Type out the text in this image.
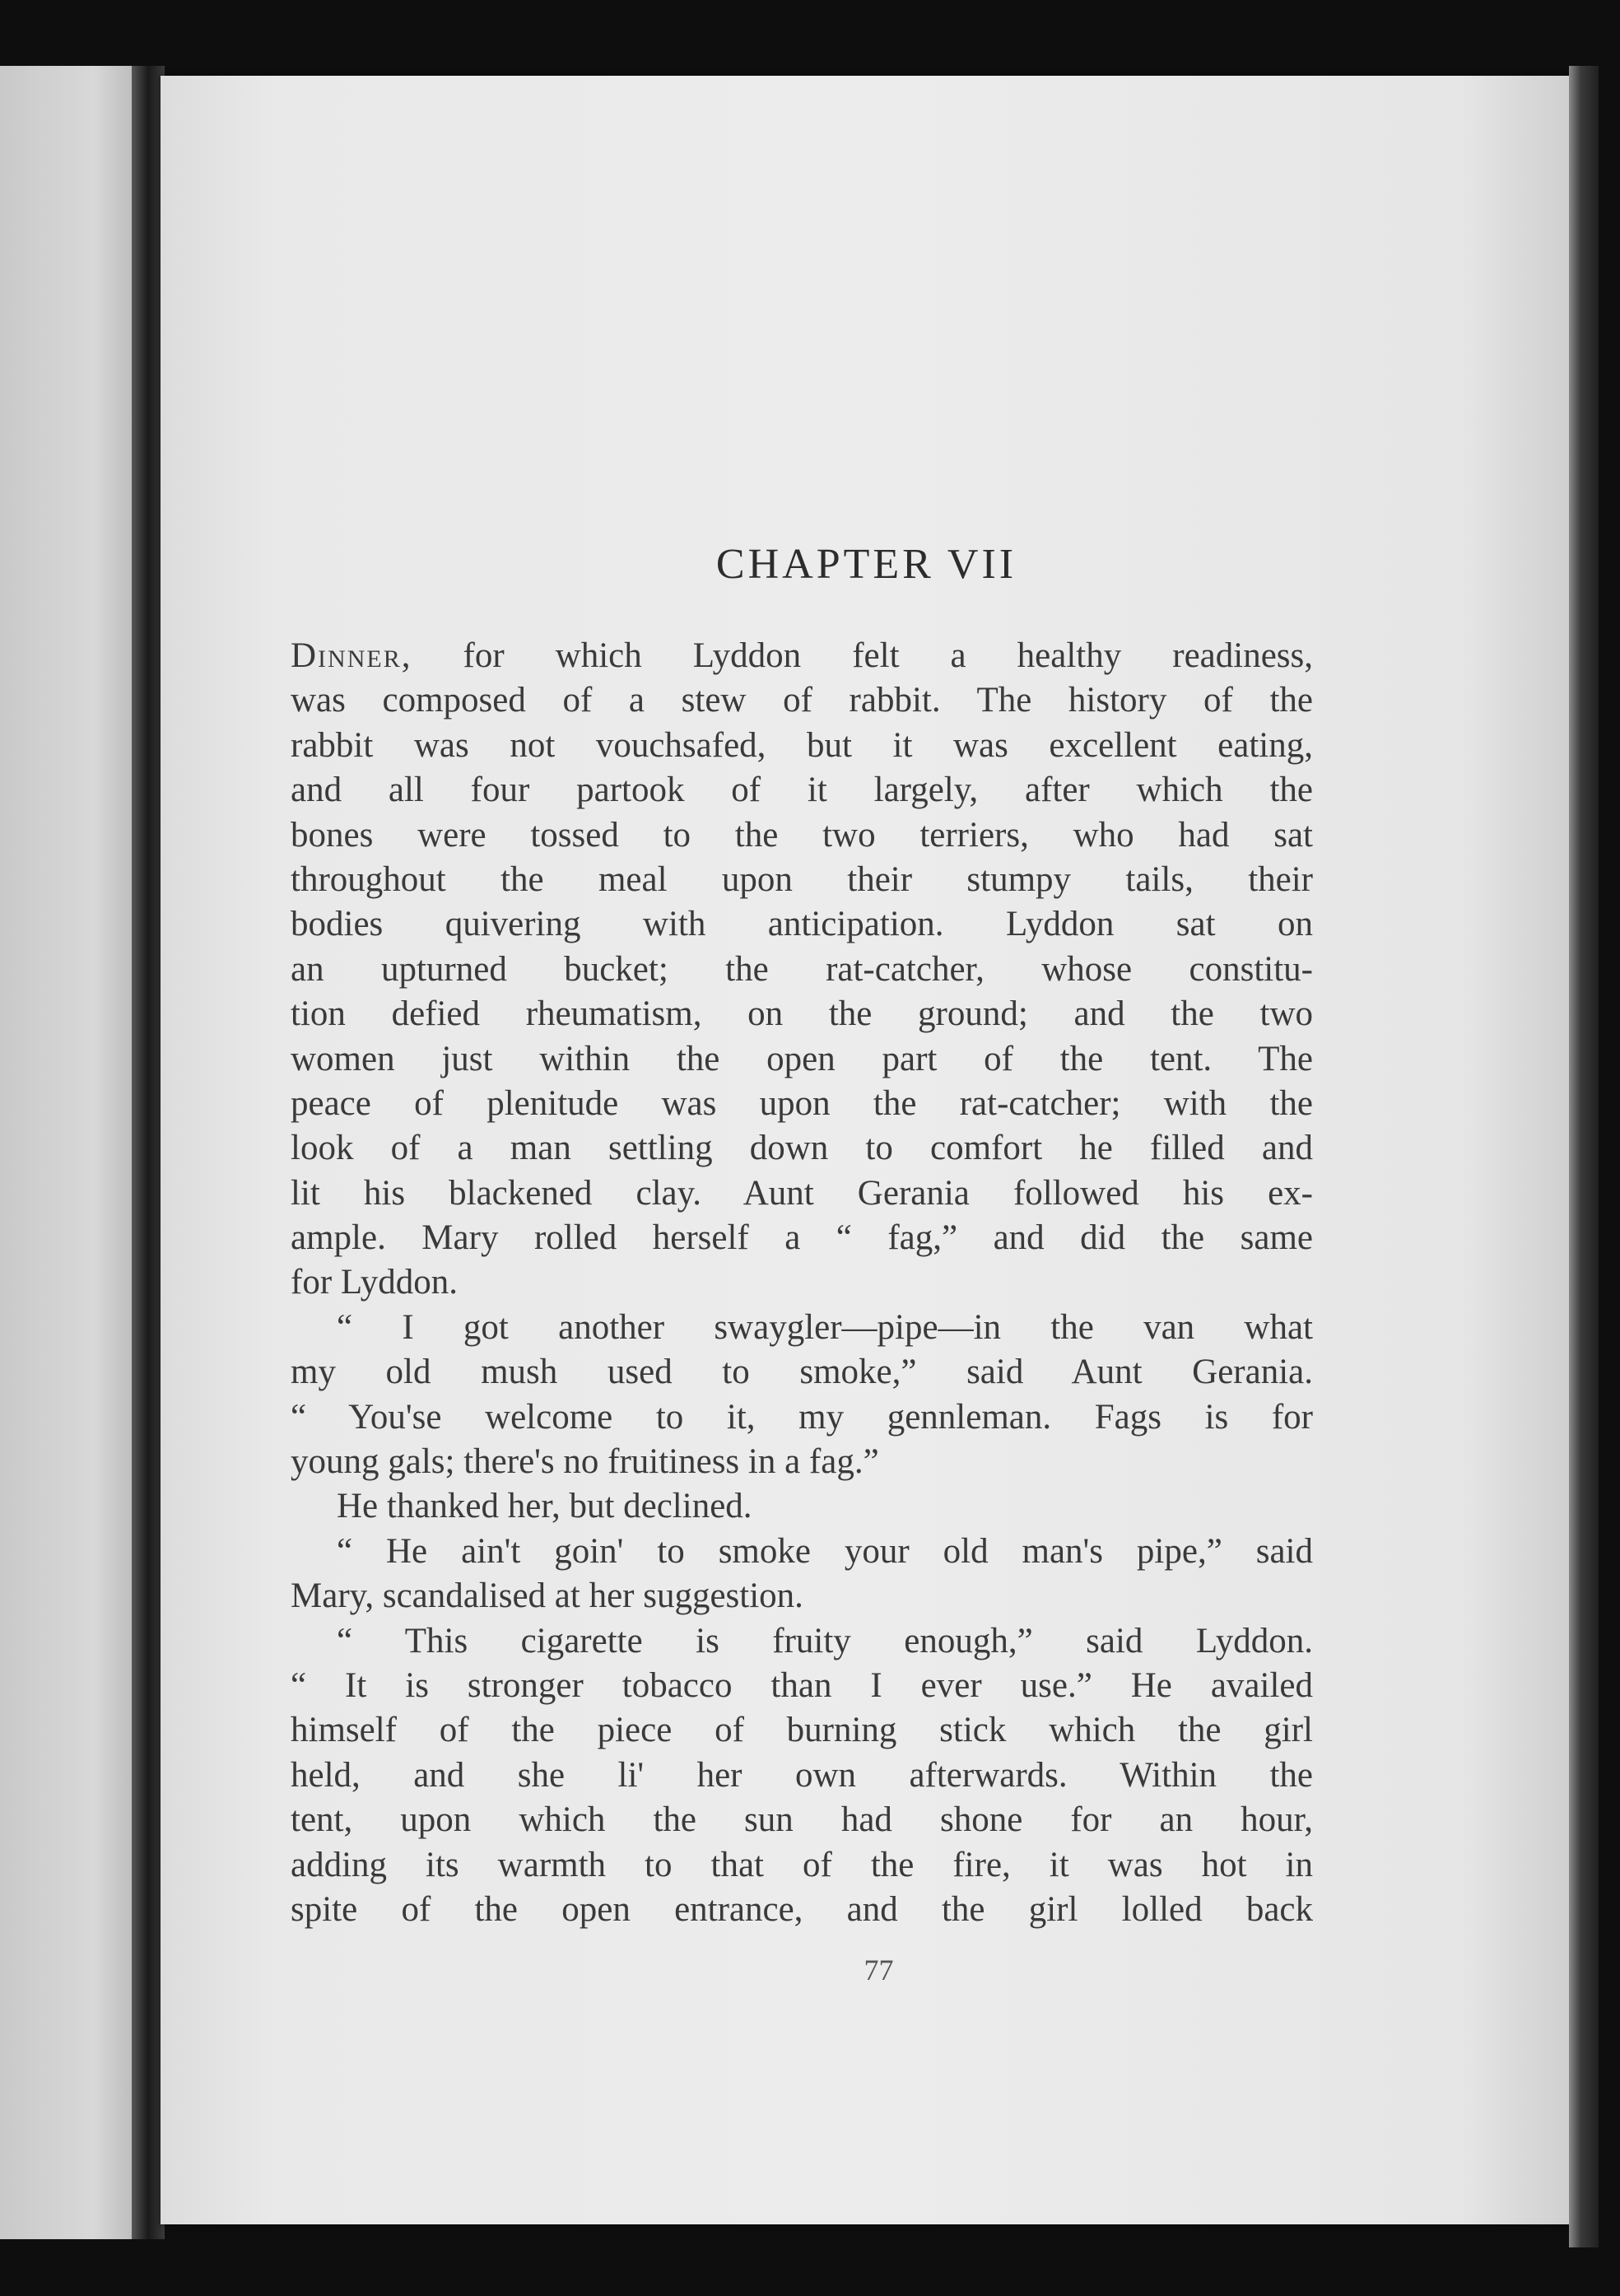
CHAPTER VII
Dinner, for which Lyddon felt a healthy readiness,
was composed of a stew of rabbit. The history of the
rabbit was not vouchsafed, but it was excellent eating,
and all four partook of it largely, after which the
bones were tossed to the two terriers, who had sat
throughout the meal upon their stumpy tails, their
bodies quivering with anticipation. Lyddon sat on
an upturned bucket; the rat-catcher, whose constitu-
tion defied rheumatism, on the ground; and the two
women just within the open part of the tent. The
peace of plenitude was upon the rat-catcher; with the
look of a man settling down to comfort he filled and
lit his blackened clay. Aunt Gerania followed his ex-
ample. Mary rolled herself a “ fag,” and did the same
for Lyddon.
“ I got another swaygler—pipe—in the van what
my old mush used to smoke,” said Aunt Gerania.
“ You'se welcome to it, my gennleman. Fags is for
young gals; there's no fruitiness in a fag.”
He thanked her, but declined.
“ He ain't goin' to smoke your old man's pipe,” said
Mary, scandalised at her suggestion.
“ This cigarette is fruity enough,” said Lyddon.
“ It is stronger tobacco than I ever use.” He availed
himself of the piece of burning stick which the girl
held, and she li' her own afterwards. Within the
tent, upon which the sun had shone for an hour,
adding its warmth to that of the fire, it was hot in
spite of the open entrance, and the girl lolled back
77
